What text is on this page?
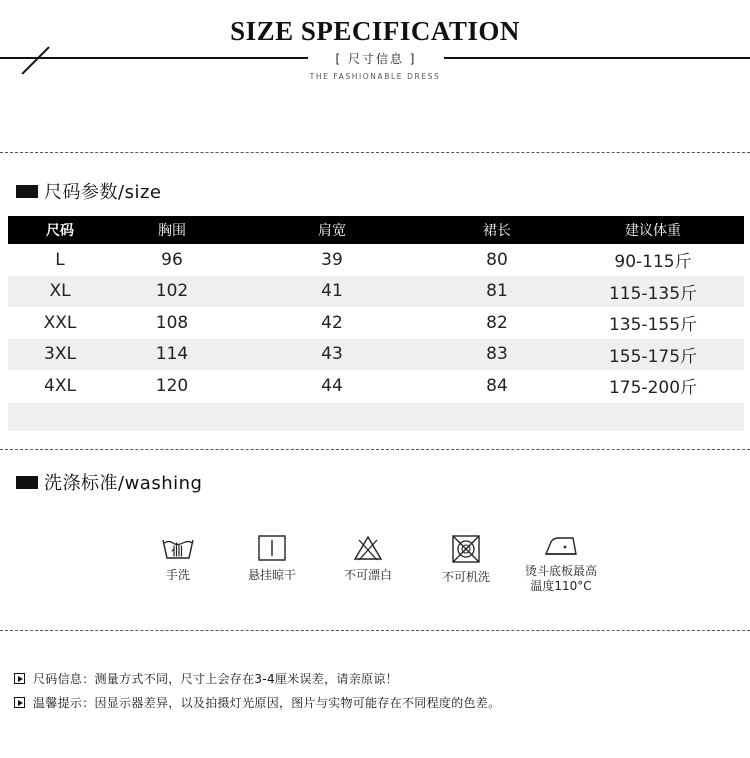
SIZE SPECIFICATION
[ 尺寸信息 ]
THE FASHIONABLE DRESS
尺码参数/size
尺码	胸围	肩宽	裙长	建议体重
L	96	39	80	90-115斤
XL	102	41	81	115-135斤
XXL	108	42	82	135-155斤
3XL	114	43	83	155-175斤
4XL	120	44	84	175-200斤
洗涤标准/washing
手洗	悬挂晾干	不可漂白	不可机洗	烫斗底板最高
温度110°C
尺码信息：测量方式不同，尺寸上会存在3-4厘米误差，请亲原谅！
温馨提示：因显示器差异，以及拍摄灯光原因，图片与实物可能存在不同程度的色差。
